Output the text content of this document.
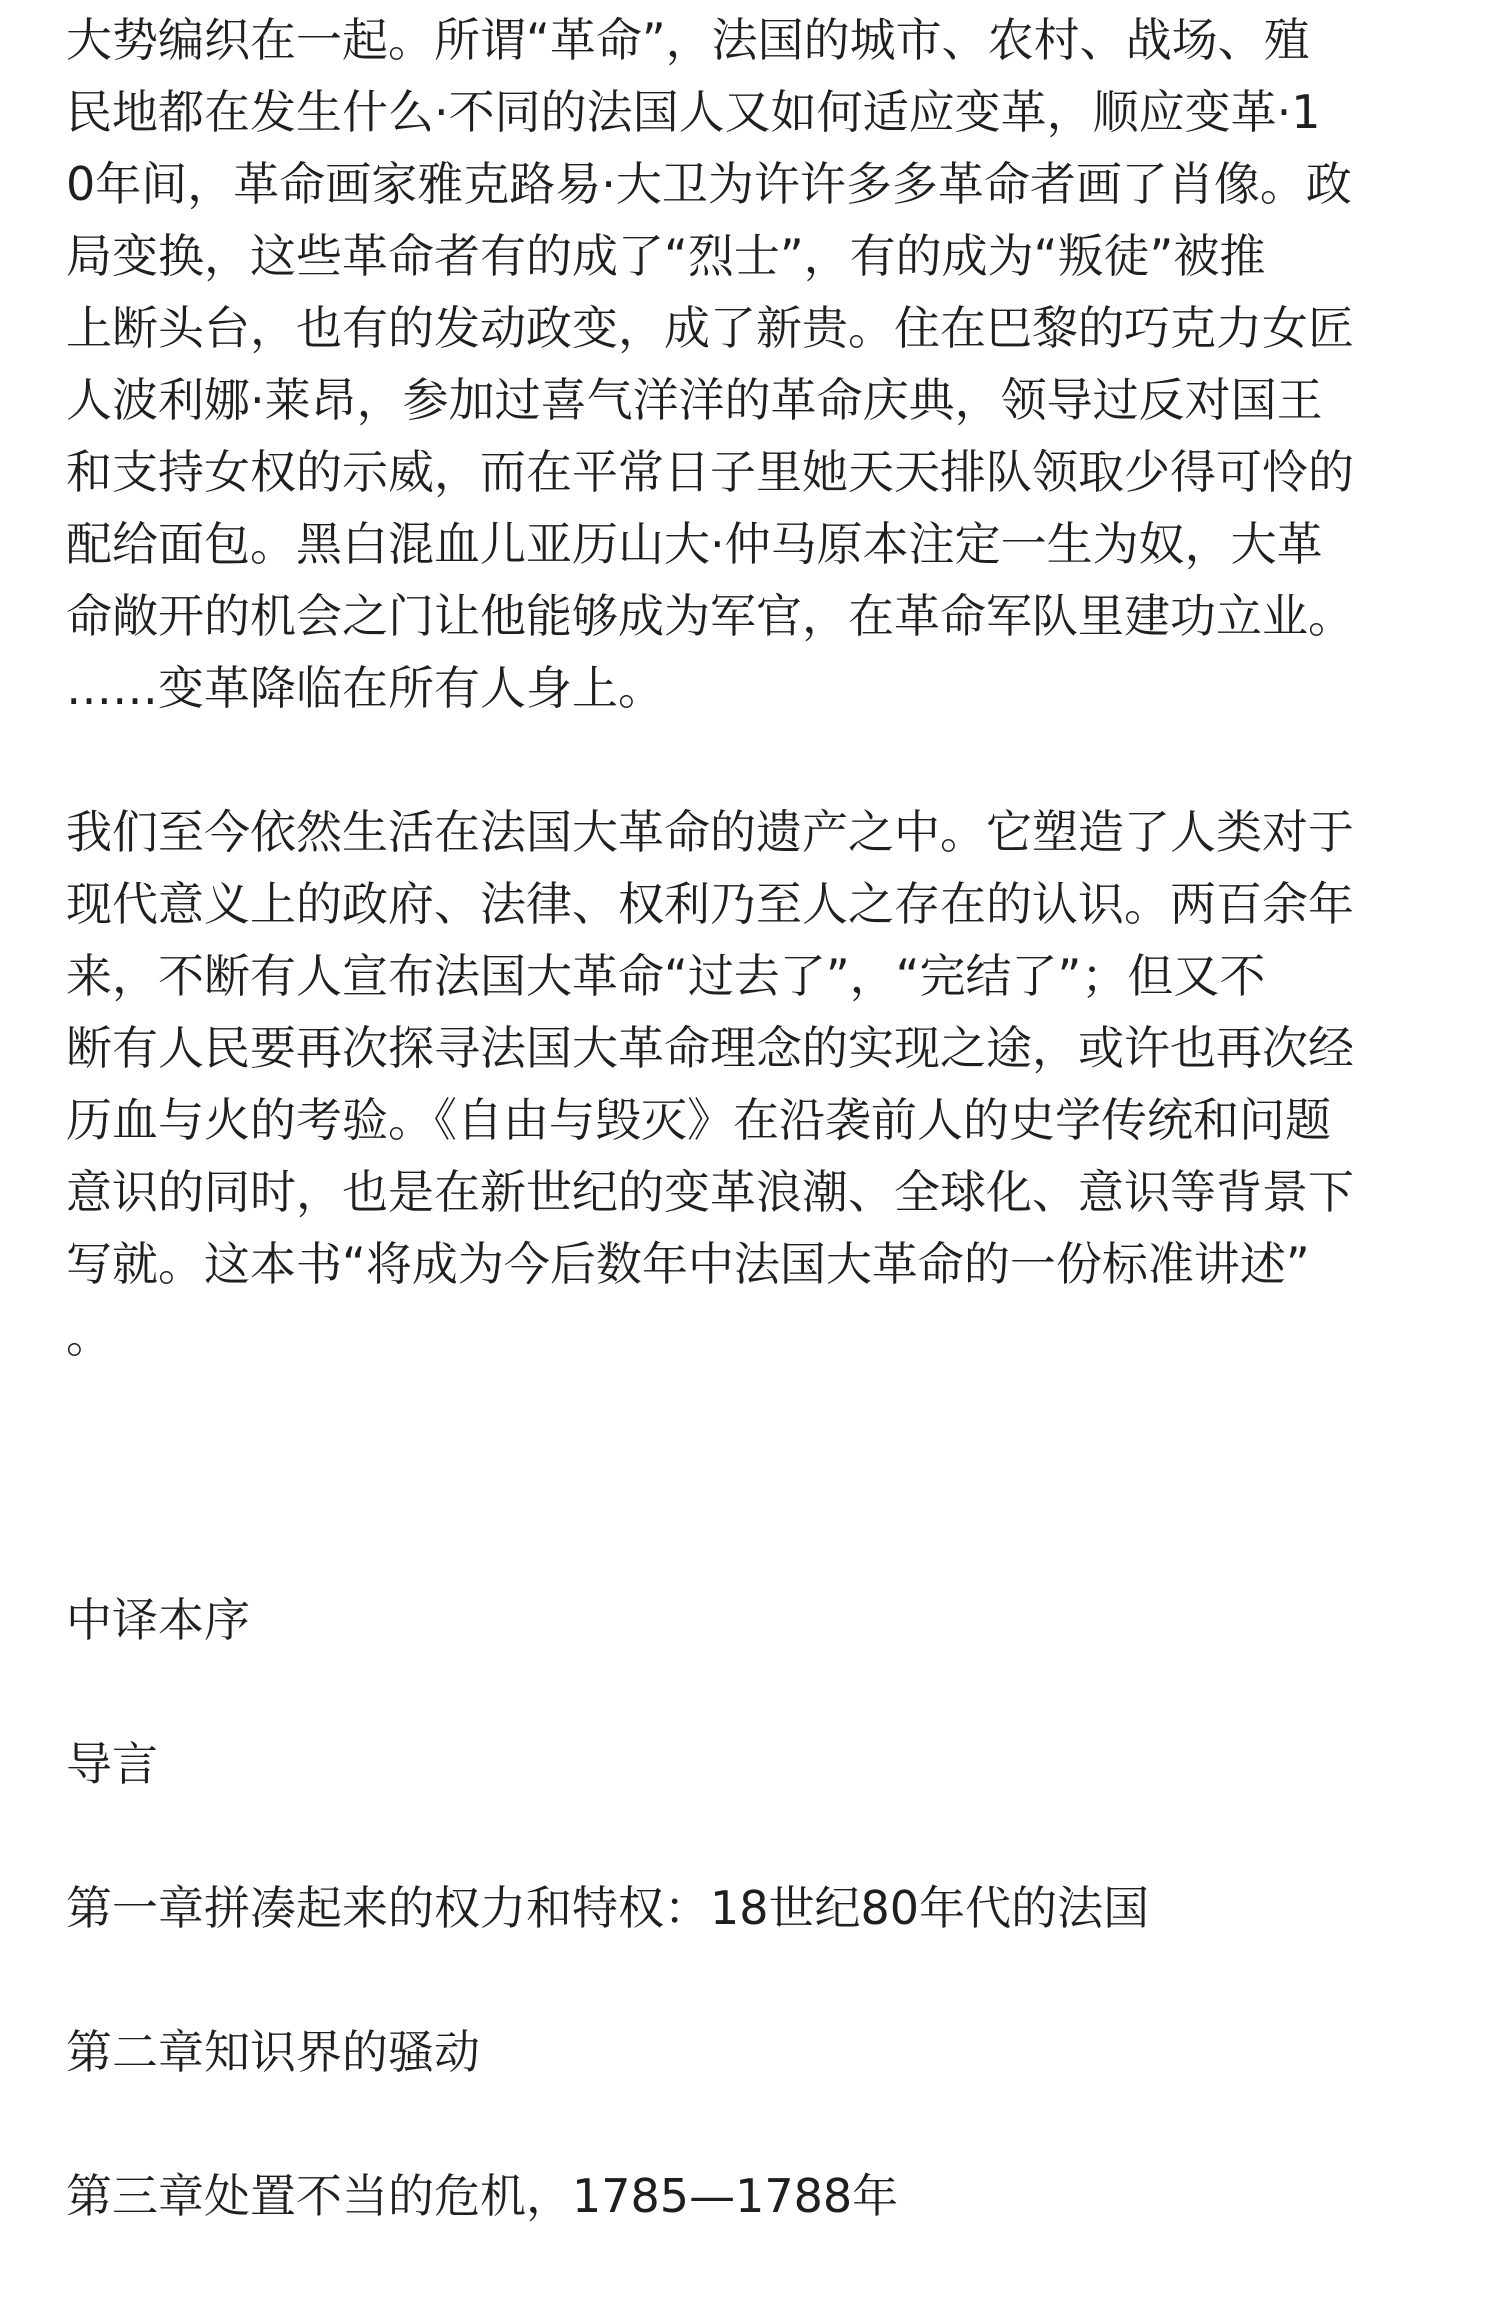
大势编织在一起。所谓“革命”，法国的城市、农村、战场、殖
民地都在发生什么·不同的法国人又如何适应变革，顺应变革·1
0年间，革命画家雅克路易·大卫为许许多多革命者画了肖像。政
局变换，这些革命者有的成了“烈士”，有的成为“叛徒”被推
上断头台，也有的发动政变，成了新贵。住在巴黎的巧克力女匠
人波利娜·莱昂，参加过喜气洋洋的革命庆典，领导过反对国王
和支持女权的示威，而在平常日子里她天天排队领取少得可怜的
配给面包。黑白混血儿亚历山大·仲马原本注定一生为奴，大革
命敞开的机会之门让他能够成为军官，在革命军队里建功立业。
……变革降临在所有人身上。
我们至今依然生活在法国大革命的遗产之中。它塑造了人类对于
现代意义上的政府、法律、权利乃至人之存在的认识。两百余年
来，不断有人宣布法国大革命“过去了”，“完结了”；但又不
断有人民要再次探寻法国大革命理念的实现之途，或许也再次经
历血与火的考验。《自由与毁灭》在沿袭前人的史学传统和问题
意识的同时，也是在新世纪的变革浪潮、全球化、意识等背景下
写就。这本书“将成为今后数年中法国大革命的一份标准讲述”
。
中译本序
导言
第一章拼凑起来的权力和特权：18世纪80年代的法国
第二章知识界的骚动
第三章处置不当的危机，1785—1788年
